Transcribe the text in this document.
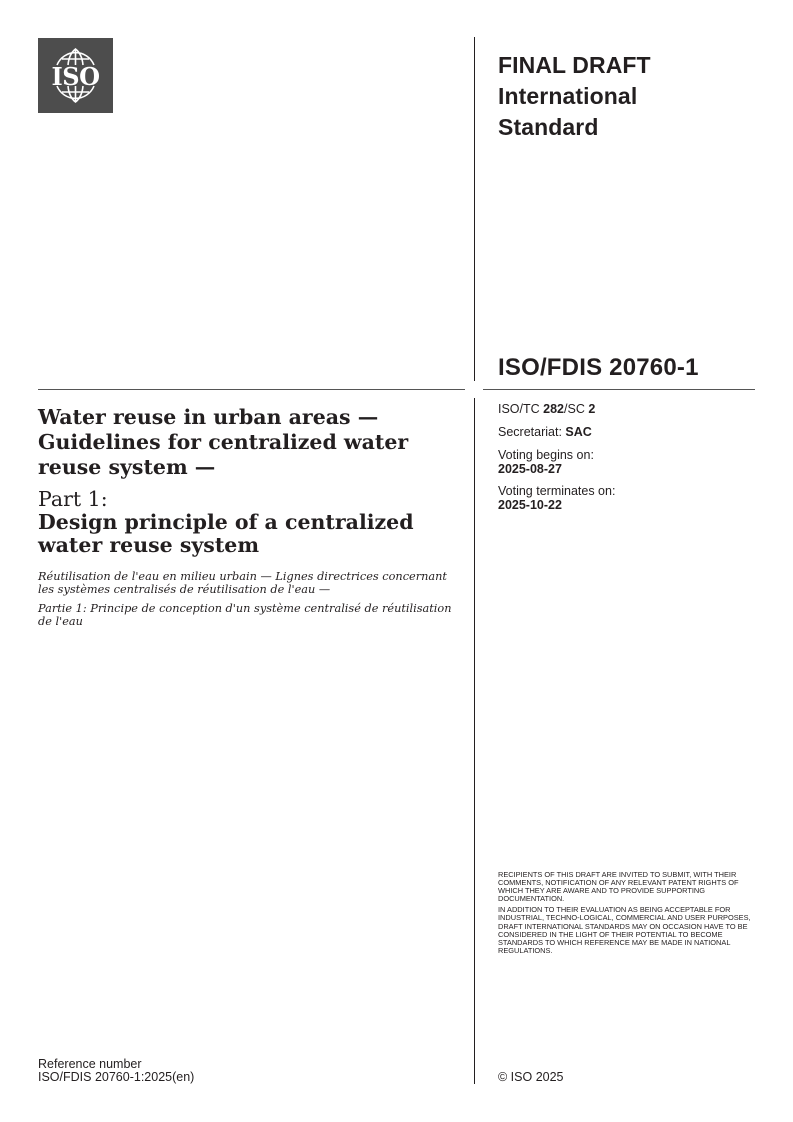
ISO	FINAL DRAFT
International
Standard
ISO/FDIS 20760-1
ISO/TC 282/SC 2
Secretariat: SAC
Voting begins on:
2025-08-27
Voting terminates on:
2025-10-22
Water reuse in urban areas — Guidelines for centralized water reuse system —
Part 1:
Design principle of a centralized water reuse system

Réutilisation de l'eau en milieu urbain — Lignes directrices concernant les systèmes centralisés de réutilisation de l'eau —

Partie 1: Principe de conception d'un système centralisé de réutilisation de l'eau

RECIPIENTS OF THIS DRAFT ARE INVITED TO SUBMIT, WITH THEIR COMMENTS, NOTIFICATION OF ANY RELEVANT PATENT RIGHTS OF WHICH THEY ARE AWARE AND TO PROVIDE SUPPORTING DOCUMENTATION.

IN ADDITION TO THEIR EVALUATION AS BEING ACCEPTABLE FOR INDUSTRIAL, TECHNO-LOGICAL, COMMERCIAL AND USER PURPOSES, DRAFT INTERNATIONAL STANDARDS MAY ON OCCASION HAVE TO BE CONSIDERED IN THE LIGHT OF THEIR POTENTIAL TO BECOME STANDARDS TO WHICH REFERENCE MAY BE MADE IN NATIONAL REGULATIONS.

Reference number
ISO/FDIS 20760-1:2025(en)	© ISO 2025
